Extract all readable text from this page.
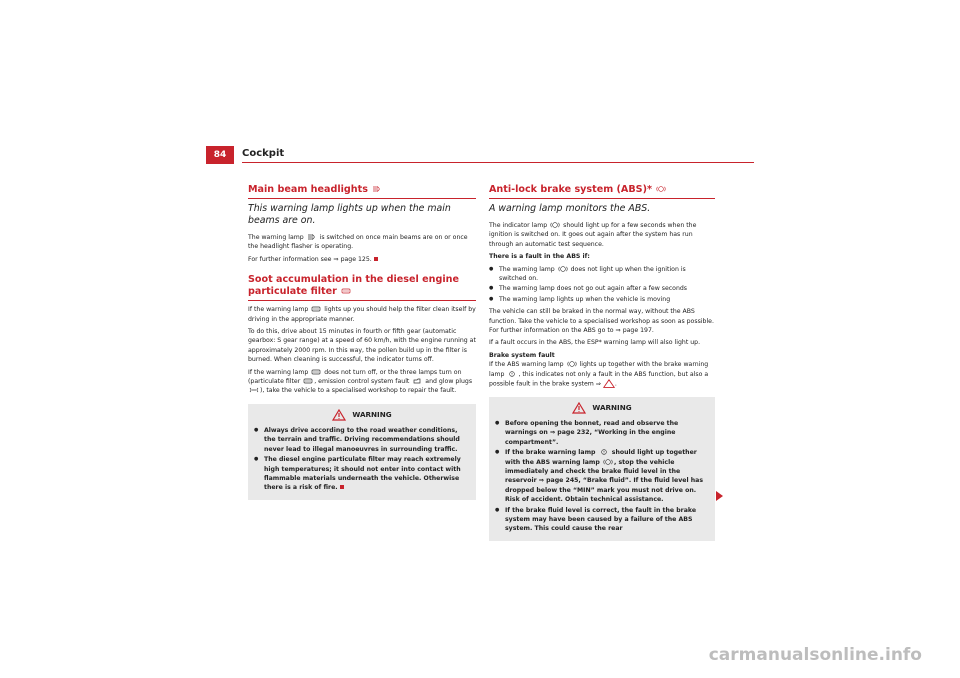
84	Cockpit
Main beam headlights
This warning lamp lights up when the main beams are on.

The warning lamp	is switched on once main beams are on or once the headlight flasher is operating.

For further information see ⇒ page 125.

Soot accumulation in the diesel engine particulate filter

If the warning lamp	lights up you should help the filter clean itself by driving in the appropriate manner.

To do this, drive about 15 minutes in fourth or fifth gear (automatic gearbox: S gear range) at a speed of 60 km/h, with the engine running at approximately 2000 rpm. In this way, the pollen build up in the filter is burned. When cleaning is successful, the indicator turns off.

If the warning lamp	does not turn off, or the three lamps turn on (particulate filter , emission control system fault	and glow plugs ), take the vehicle to a specialised workshop to repair the fault.

WARNING
● Always drive according to the road weather conditions, the terrain and traffic. Driving recommendations should never lead to illegal manoeuvres in surrounding traffic.
● The diesel engine particulate filter may reach extremely high temperatures; it should not enter into contact with flammable materials underneath the vehicle. Otherwise there is a risk of fire.
Anti-lock brake system (ABS)*
A warning lamp monitors the ABS.

The indicator lamp	should light up for a few seconds when the ignition is switched on. It goes out again after the system has run through an automatic test sequence.

There is a fault in the ABS if:

● The warning lamp	does not light up when the ignition is switched on.
● The warning lamp does not go out again after a few seconds
● The warning lamp lights up when the vehicle is moving

The vehicle can still be braked in the normal way, without the ABS function. Take the vehicle to a specialised workshop as soon as possible. For further information on the ABS go to ⇒ page 197.

If a fault occurs in the ABS, the ESP* warning lamp will also light up.

Brake system fault

If the ABS warning lamp	lights up together with the brake warning lamp , this indicates not only a fault in the ABS function, but also a possible fault in the brake system ⇒ .

WARNING
● Before opening the bonnet, read and observe the warnings on ⇒ page 232, “Working in the engine compartment”.
● If the brake warning lamp	should light up together with the ABS warning lamp , stop the vehicle immediately and check the brake fluid level in the reservoir ⇒ page 245, “Brake fluid”. If the fluid level has dropped below the “MIN” mark you must not drive on. Risk of accident. Obtain technical assistance.
● If the brake fluid level is correct, the fault in the brake system may have been caused by a failure of the ABS system. This could cause the rear
carmanualsonline.info
